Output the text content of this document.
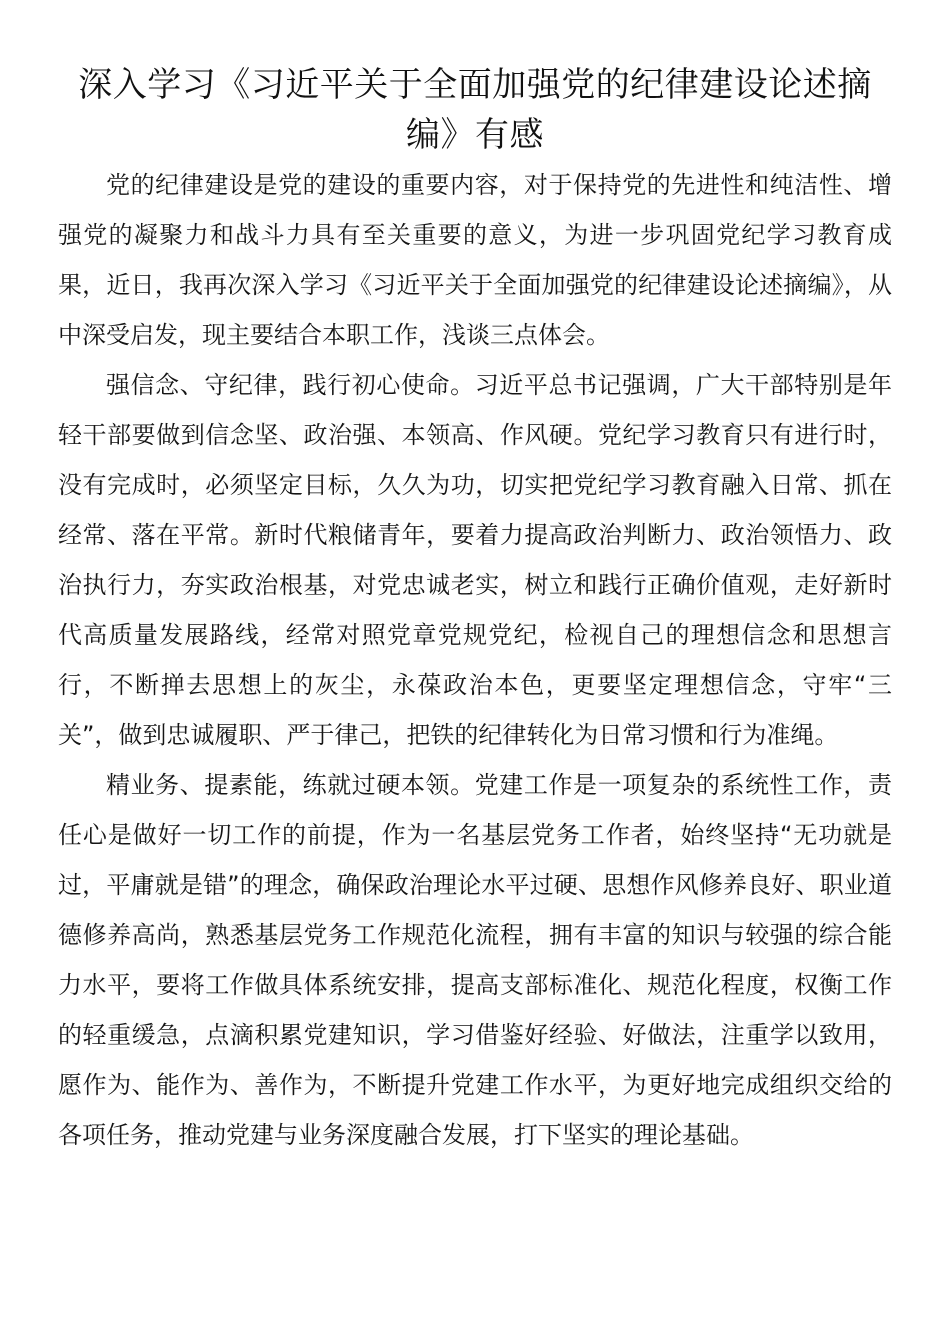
深入学习《习近平关于全面加强党的纪律建设论述摘编》有感

党的纪律建设是党的建设的重要内容，对于保持党的先进性和纯洁性、增强党的凝聚力和战斗力具有至关重要的意义，为进一步巩固党纪学习教育成果，近日，我再次深入学习《习近平关于全面加强党的纪律建设论述摘编》，从中深受启发，现主要结合本职工作，浅谈三点体会。

强信念、守纪律，践行初心使命。习近平总书记强调，广大干部特别是年轻干部要做到信念坚、政治强、本领高、作风硬。党纪学习教育只有进行时，没有完成时，必须坚定目标，久久为功，切实把党纪学习教育融入日常、抓在经常、落在平常。新时代粮储青年，要着力提高政治判断力、政治领悟力、政治执行力，夯实政治根基，对党忠诚老实，树立和践行正确价值观，走好新时代高质量发展路线，经常对照党章党规党纪，检视自己的理想信念和思想言行，不断掸去思想上的灰尘，永葆政治本色，更要坚定理想信念，守牢“三关”，做到忠诚履职、严于律己，把铁的纪律转化为日常习惯和行为准绳。

精业务、提素能，练就过硬本领。党建工作是一项复杂的系统性工作，责任心是做好一切工作的前提，作为一名基层党务工作者，始终坚持“无功就是过，平庸就是错”的理念，确保政治理论水平过硬、思想作风修养良好、职业道德修养高尚，熟悉基层党务工作规范化流程，拥有丰富的知识与较强的综合能力水平，要将工作做具体系统安排，提高支部标准化、规范化程度，权衡工作的轻重缓急，点滴积累党建知识，学习借鉴好经验、好做法，注重学以致用，愿作为、能作为、善作为，不断提升党建工作水平，为更好地完成组织交给的各项任务，推动党建与业务深度融合发展，打下坚实的理论基础。
